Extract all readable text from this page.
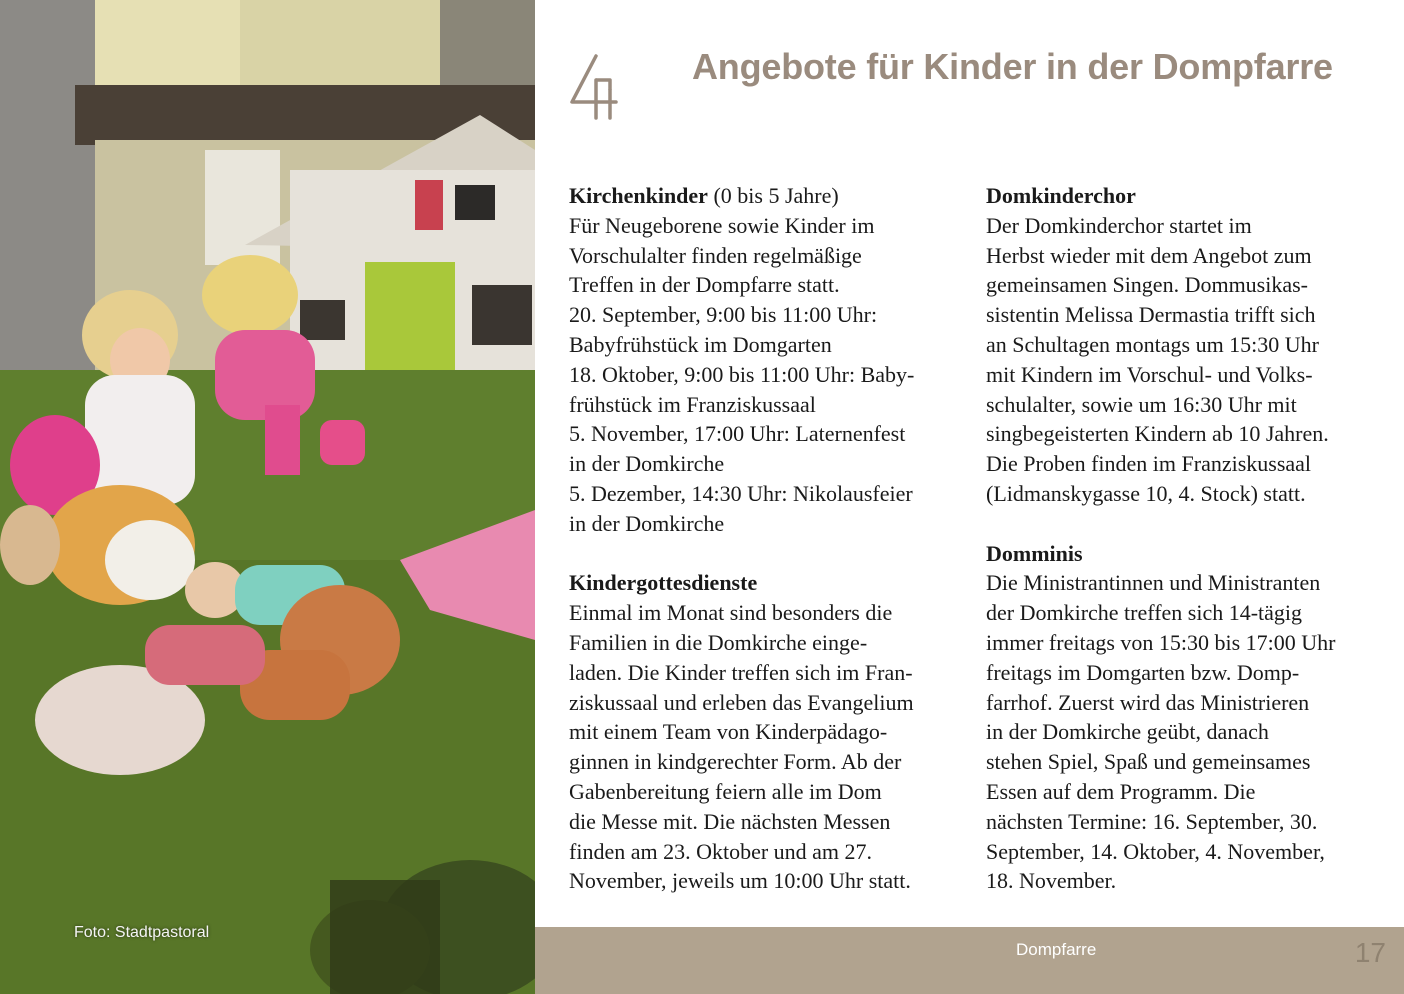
Foto: Stadtpastoral
Angebote für Kinder in der Dompfarre
Kirchenkinder (0 bis 5 Jahre)

Für Neugeborene sowie Kinder im
Vorschulalter finden regelmäßige
Treffen in der Dompfarre statt.
20. September, 9:00 bis 11:00 Uhr:
Babyfrühstück im Domgarten
18. Oktober, 9:00 bis 11:00 Uhr: Baby-
frühstück im Franziskussaal
5. November, 17:00 Uhr: Laternenfest
in der Domkirche
5. Dezember, 14:30 Uhr: Nikolausfeier
in der Domkirche

Kindergottesdienste

Einmal im Monat sind besonders die
Familien in die Domkirche einge-
laden. Die Kinder treffen sich im Fran-
ziskussaal und erleben das Evangelium
mit einem Team von Kinderpädago-
ginnen in kindgerechter Form. Ab der
Gabenbereitung feiern alle im Dom
die Messe mit. Die nächsten Messen
finden am 23. Oktober und am 27.
November, jeweils um 10:00 Uhr statt.

Domkinderchor

Der Domkinderchor startet im
Herbst wieder mit dem Angebot zum
gemeinsamen Singen. Dommusikas-
sistentin Melissa Dermastia trifft sich
an Schultagen montags um 15:30 Uhr
mit Kindern im Vorschul- und Volks-
schulalter, sowie um 16:30 Uhr mit
singbegeisterten Kindern ab 10 Jahren.
Die Proben finden im Franziskussaal
(Lidmanskygasse 10, 4. Stock) statt.

Domminis

Die Ministrantinnen und Ministranten
der Domkirche treffen sich 14-tägig
immer freitags von 15:30 bis 17:00 Uhr
freitags im Domgarten bzw. Domp-
farrhof. Zuerst wird das Ministrieren
in der Domkirche geübt, danach
stehen Spiel, Spaß und gemeinsames
Essen auf dem Programm. Die
nächsten Termine: 16. September, 30.
September, 14. Oktober, 4. November,
18. November.

Dompfarre	17
